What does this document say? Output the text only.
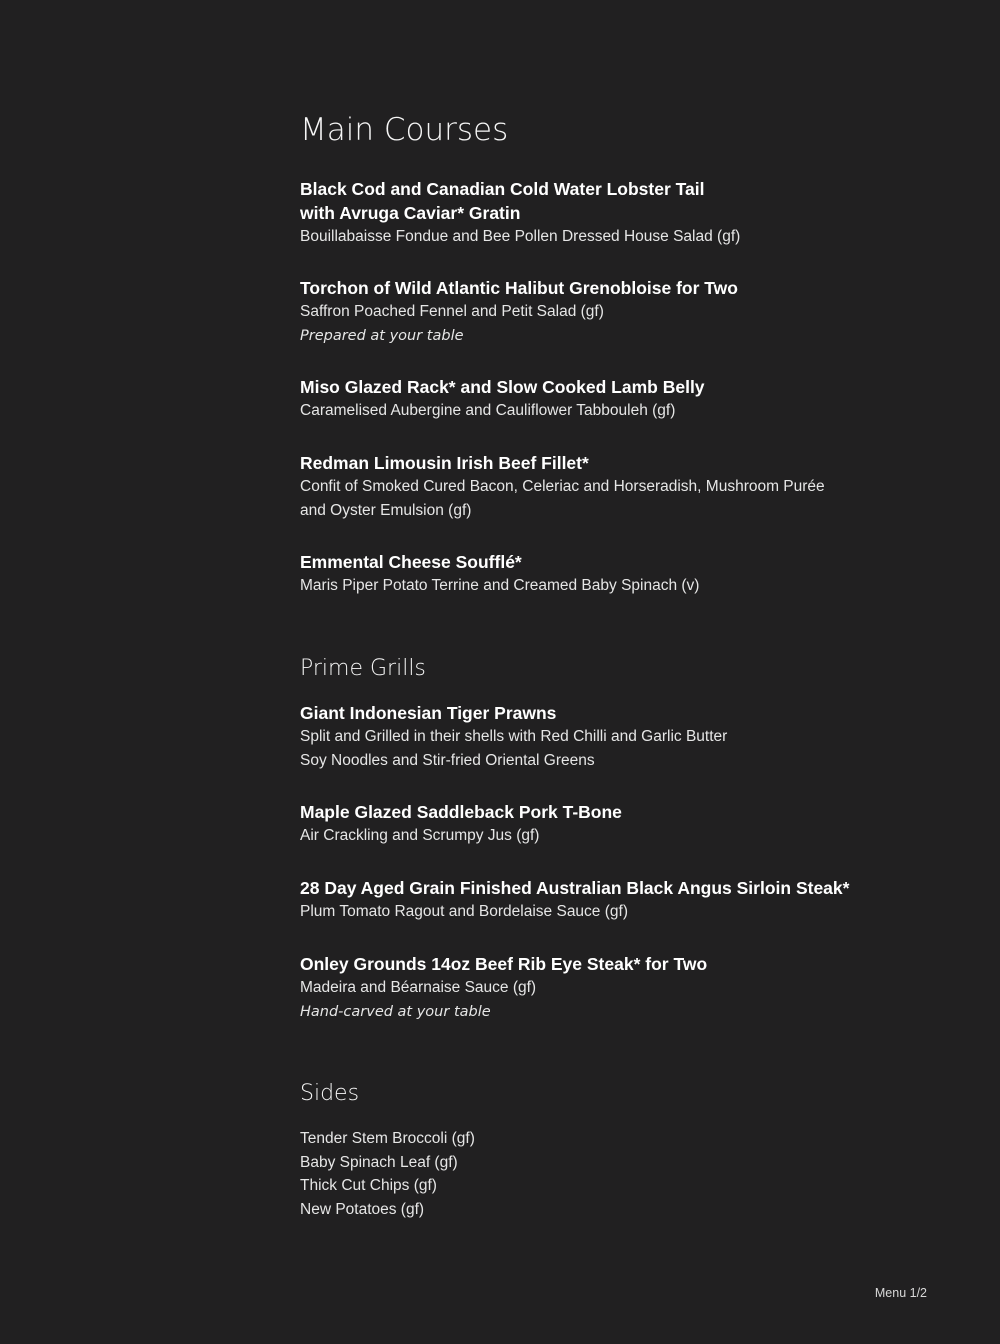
Main Courses
Black Cod and Canadian Cold Water Lobster Tail
with Avruga Caviar* Gratin
Bouillabaisse Fondue and Bee Pollen Dressed House Salad (gf)
Torchon of Wild Atlantic Halibut Grenobloise for Two
Saffron Poached Fennel and Petit Salad (gf)
Prepared at your table
Miso Glazed Rack* and Slow Cooked Lamb Belly
Caramelised Aubergine and Cauliflower Tabbouleh (gf)
Redman Limousin Irish Beef Fillet*
Confit of Smoked Cured Bacon, Celeriac and Horseradish, Mushroom Purée
and Oyster Emulsion (gf)
Emmental Cheese Soufflé*
Maris Piper Potato Terrine and Creamed Baby Spinach (v)
Prime Grills
Giant Indonesian Tiger Prawns
Split and Grilled in their shells with Red Chilli and Garlic Butter
Soy Noodles and Stir-fried Oriental Greens
Maple Glazed Saddleback Pork T-Bone
Air Crackling and Scrumpy Jus (gf)
28 Day Aged Grain Finished Australian Black Angus Sirloin Steak*
Plum Tomato Ragout and Bordelaise Sauce (gf)
Onley Grounds 14oz Beef Rib Eye Steak* for Two
Madeira and Béarnaise Sauce (gf)
Hand-carved at your table
Sides
Tender Stem Broccoli (gf)
Baby Spinach Leaf (gf)
Thick Cut Chips (gf)
New Potatoes (gf)
Menu 1/2
